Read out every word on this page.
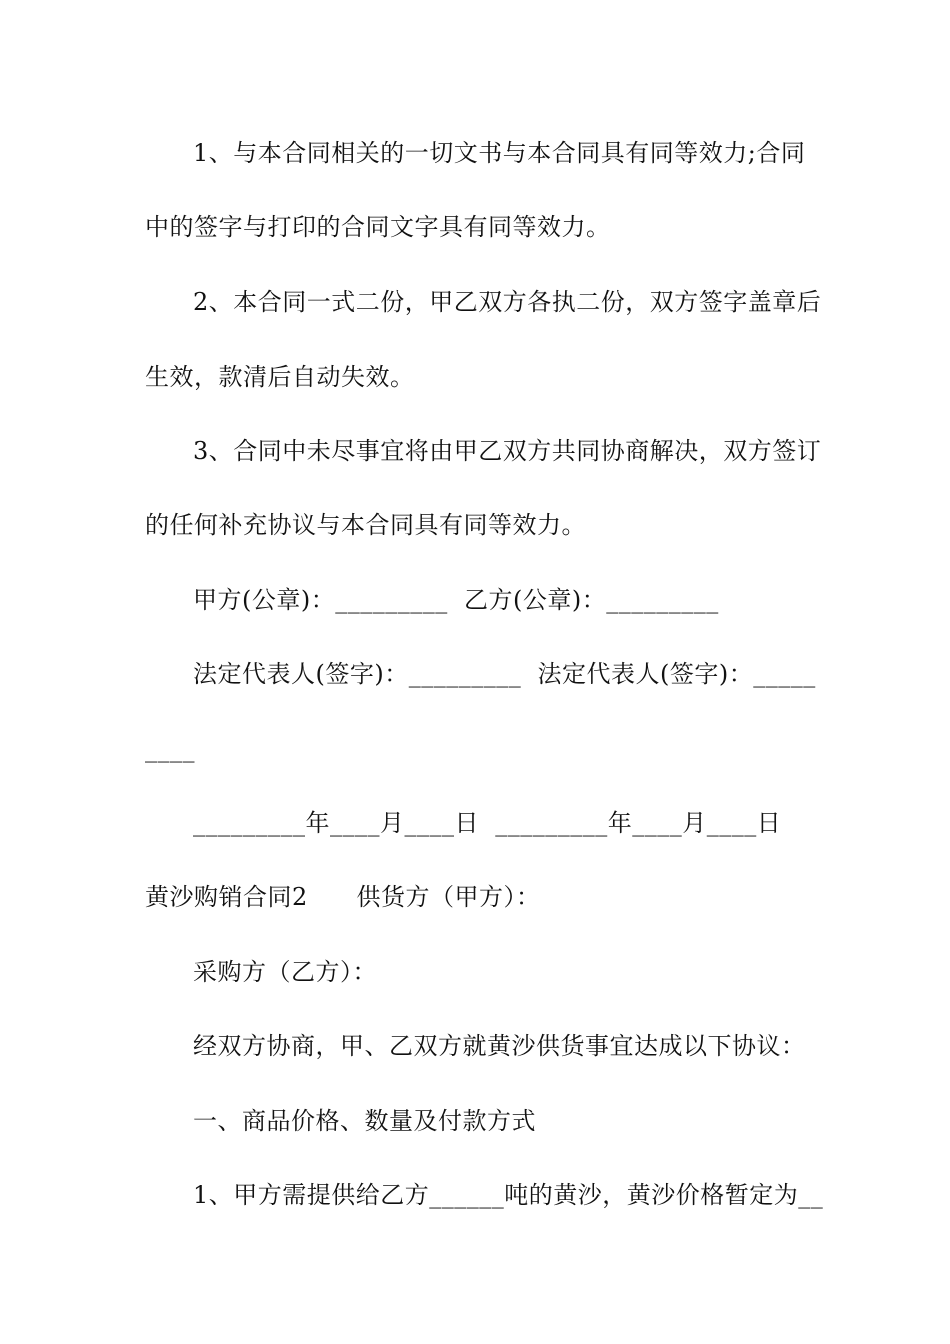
1、与本合同相关的一切文书与本合同具有同等效力;合同
中的签字与打印的合同文字具有同等效力。
2、本合同一式二份，甲乙双方各执二份，双方签字盖章后
生效，款清后自动失效。
3、合同中未尽事宜将由甲乙双方共同协商解决，双方签订
的任何补充协议与本合同具有同等效力。
甲方(公章)：_________  乙方(公章)：_________
法定代表人(签字)：_________  法定代表人(签字)：_____
____
_________年____月____日  _________年____月____日
黄沙购销合同2      供货方（甲方）：
采购方（乙方）：
经双方协商，甲、乙双方就黄沙供货事宜达成以下协议：
一、商品价格、数量及付款方式
1、甲方需提供给乙方______吨的黄沙，黄沙价格暂定为__
